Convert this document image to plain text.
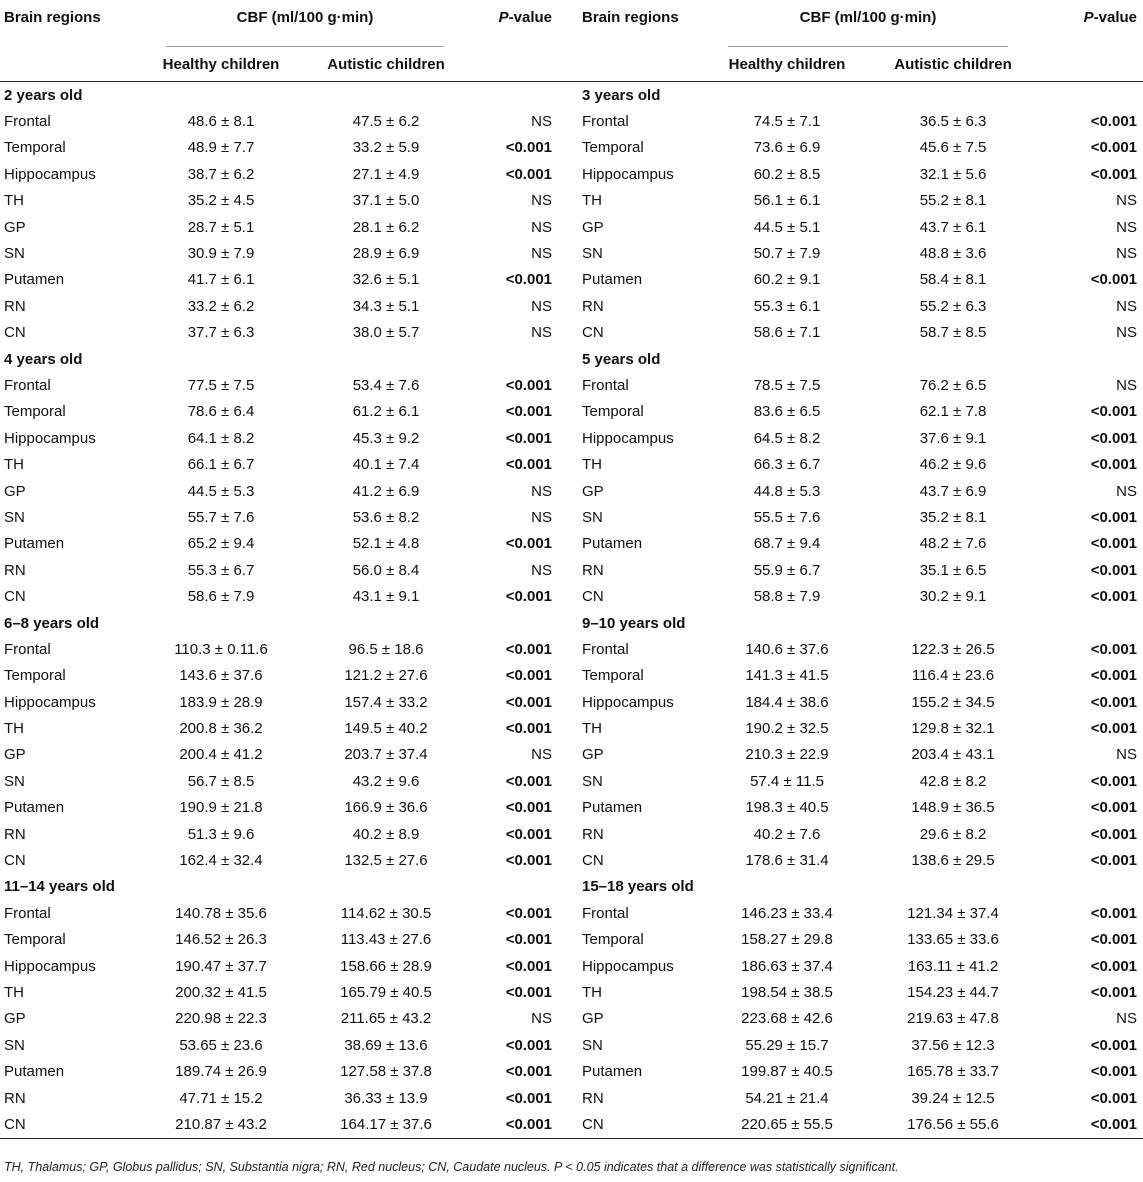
Brain regions	CBF (ml/100 g·min)		P-value	Brain regions	CBF (ml/100 g·min)		P-value
	Healthy children	Autistic children			Healthy children	Autistic children	
2 years old				3 years old			
Frontal	48.6 ± 8.1	47.5 ± 6.2	NS	Frontal	74.5 ± 7.1	36.5 ± 6.3	<0.001
Temporal	48.9 ± 7.7	33.2 ± 5.9	<0.001	Temporal	73.6 ± 6.9	45.6 ± 7.5	<0.001
Hippocampus	38.7 ± 6.2	27.1 ± 4.9	<0.001	Hippocampus	60.2 ± 8.5	32.1 ± 5.6	<0.001
TH	35.2 ± 4.5	37.1 ± 5.0	NS	TH	56.1 ± 6.1	55.2 ± 8.1	NS
GP	28.7 ± 5.1	28.1 ± 6.2	NS	GP	44.5 ± 5.1	43.7 ± 6.1	NS
SN	30.9 ± 7.9	28.9 ± 6.9	NS	SN	50.7 ± 7.9	48.8 ± 3.6	NS
Putamen	41.7 ± 6.1	32.6 ± 5.1	<0.001	Putamen	60.2 ± 9.1	58.4 ± 8.1	<0.001
RN	33.2 ± 6.2	34.3 ± 5.1	NS	RN	55.3 ± 6.1	55.2 ± 6.3	NS
CN	37.7 ± 6.3	38.0 ± 5.7	NS	CN	58.6 ± 7.1	58.7 ± 8.5	NS
4 years old				5 years old			
Frontal	77.5 ± 7.5	53.4 ± 7.6	<0.001	Frontal	78.5 ± 7.5	76.2 ± 6.5	NS
Temporal	78.6 ± 6.4	61.2 ± 6.1	<0.001	Temporal	83.6 ± 6.5	62.1 ± 7.8	<0.001
Hippocampus	64.1 ± 8.2	45.3 ± 9.2	<0.001	Hippocampus	64.5 ± 8.2	37.6 ± 9.1	<0.001
TH	66.1 ± 6.7	40.1 ± 7.4	<0.001	TH	66.3 ± 6.7	46.2 ± 9.6	<0.001
GP	44.5 ± 5.3	41.2 ± 6.9	NS	GP	44.8 ± 5.3	43.7 ± 6.9	NS
SN	55.7 ± 7.6	53.6 ± 8.2	NS	SN	55.5 ± 7.6	35.2 ± 8.1	<0.001
Putamen	65.2 ± 9.4	52.1 ± 4.8	<0.001	Putamen	68.7 ± 9.4	48.2 ± 7.6	<0.001
RN	55.3 ± 6.7	56.0 ± 8.4	NS	RN	55.9 ± 6.7	35.1 ± 6.5	<0.001
CN	58.6 ± 7.9	43.1 ± 9.1	<0.001	CN	58.8 ± 7.9	30.2 ± 9.1	<0.001
6–8 years old				9–10 years old			
Frontal	110.3 ± 0.11.6	96.5 ± 18.6	<0.001	Frontal	140.6 ± 37.6	122.3 ± 26.5	<0.001
Temporal	143.6 ± 37.6	121.2 ± 27.6	<0.001	Temporal	141.3 ± 41.5	116.4 ± 23.6	<0.001
Hippocampus	183.9 ± 28.9	157.4 ± 33.2	<0.001	Hippocampus	184.4 ± 38.6	155.2 ± 34.5	<0.001
TH	200.8 ± 36.2	149.5 ± 40.2	<0.001	TH	190.2 ± 32.5	129.8 ± 32.1	<0.001
GP	200.4 ± 41.2	203.7 ± 37.4	NS	GP	210.3 ± 22.9	203.4 ± 43.1	NS
SN	56.7 ± 8.5	43.2 ± 9.6	<0.001	SN	57.4 ± 11.5	42.8 ± 8.2	<0.001
Putamen	190.9 ± 21.8	166.9 ± 36.6	<0.001	Putamen	198.3 ± 40.5	148.9 ± 36.5	<0.001
RN	51.3 ± 9.6	40.2 ± 8.9	<0.001	RN	40.2 ± 7.6	29.6 ± 8.2	<0.001
CN	162.4 ± 32.4	132.5 ± 27.6	<0.001	CN	178.6 ± 31.4	138.6 ± 29.5	<0.001
11–14 years old				15–18 years old			
Frontal	140.78 ± 35.6	114.62 ± 30.5	<0.001	Frontal	146.23 ± 33.4	121.34 ± 37.4	<0.001
Temporal	146.52 ± 26.3	113.43 ± 27.6	<0.001	Temporal	158.27 ± 29.8	133.65 ± 33.6	<0.001
Hippocampus	190.47 ± 37.7	158.66 ± 28.9	<0.001	Hippocampus	186.63 ± 37.4	163.11 ± 41.2	<0.001
TH	200.32 ± 41.5	165.79 ± 40.5	<0.001	TH	198.54 ± 38.5	154.23 ± 44.7	<0.001
GP	220.98 ± 22.3	211.65 ± 43.2	NS	GP	223.68 ± 42.6	219.63 ± 47.8	NS
SN	53.65 ± 23.6	38.69 ± 13.6	<0.001	SN	55.29 ± 15.7	37.56 ± 12.3	<0.001
Putamen	189.74 ± 26.9	127.58 ± 37.8	<0.001	Putamen	199.87 ± 40.5	165.78 ± 33.7	<0.001
RN	47.71 ± 15.2	36.33 ± 13.9	<0.001	RN	54.21 ± 21.4	39.24 ± 12.5	<0.001
CN	210.87 ± 43.2	164.17 ± 37.6	<0.001	CN	220.65 ± 55.5	176.56 ± 55.6	<0.001
TH, Thalamus; GP, Globus pallidus; SN, Substantia nigra; RN, Red nucleus; CN, Caudate nucleus. P < 0.05 indicates that a difference was statistically significant.
